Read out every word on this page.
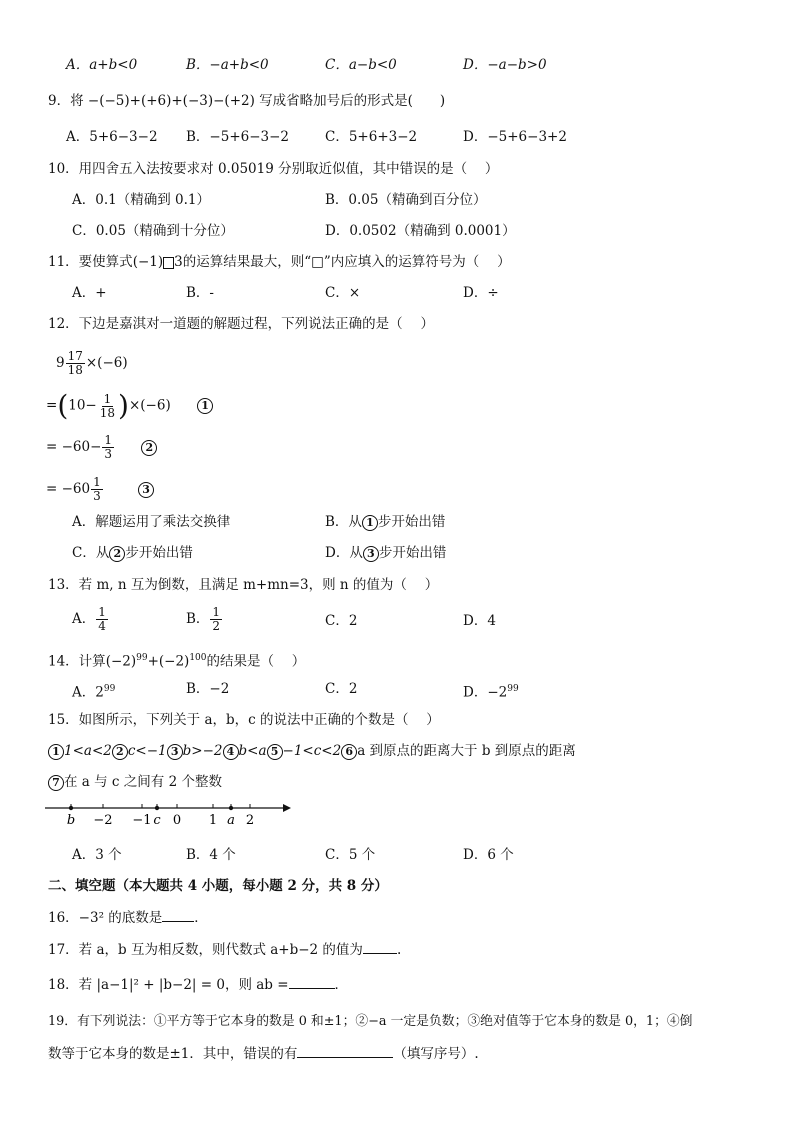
A．a+b<0	B．−a+b<0	C．a−b<0	D．−a−b>0
9．将 −(−5)+(+6)+(−3)−(+2) 写成省略加号后的形式是(　　)
A．5+6−3−2 B．−5+6−3−2	C．5+6+3−2	D．−5+6−3+2
10．用四舍五入法按要求对 0.05019 分别取近似值，其中错误的是（　 ）
A．0.1（精确到 0.1）	B．0.05（精确到百分位）
C．0.05（精确到十分位）	D．0.0502（精确到 0.0001）
11．要使算式(−1) 3的运算结果最大，则“□”内应填入的运算符号为（　 ）
A．+	B．-	C．×	D．÷
12．下边是嘉淇对一道题的解题过程，下列说法正确的是（　 ）
$9 \frac{17}{18} \times(-6)$
$=(10- \frac{1}{18} )\times(-6)$	1
= $-60- \frac{1}{3}$	2
= $-60 \frac{1}{3}$	3
A．解题运用了乘法交换律	B．从 1 步开始出错
C．从 2 步开始出错	D．从 3 步开始出错
13．若 m, n 互为倒数，且满足 m+mn=3，则 n 的值为（　 ）
A． $\frac{1}{4}$	B． $\frac{1}{2}$	C．2	D．4
14．计算$(-2)^{99}+(-2)^{100}$的结果是（　 ）
A．$2^{99}$	B．−2	C．2	D．$-2^{99}$
15．如图所示，下列关于 a，b，c 的说法中正确的个数是（　 ）
1 1<a<2 2 c<−1 3 b>−2 4 b<a 5 −1<c<2 6 a 到原点的距离大于 b 到原点的距离
7 在 a 与 c 之间有 2 个整数
b −2 −1 c 0 1 a 2
A．3 个	B．4 个	C．5 个	D．6 个
二、填空题（本大题共 4 小题，每小题 2 分，共 8 分）
16．−3² 的底数是 ．
17．若 a，b 互为相反数，则代数式 a+b−2 的值为	.
18．若 |a−1|² + |b−2| = 0，则 ab =	．
19．有下列说法：①平方等于它本身的数是 0 和±1；②−a 一定是负数；③绝对值等于它本身的数是 0，1；④倒
数等于它本身的数是±1．其中，错误的有	（填写序号）.
